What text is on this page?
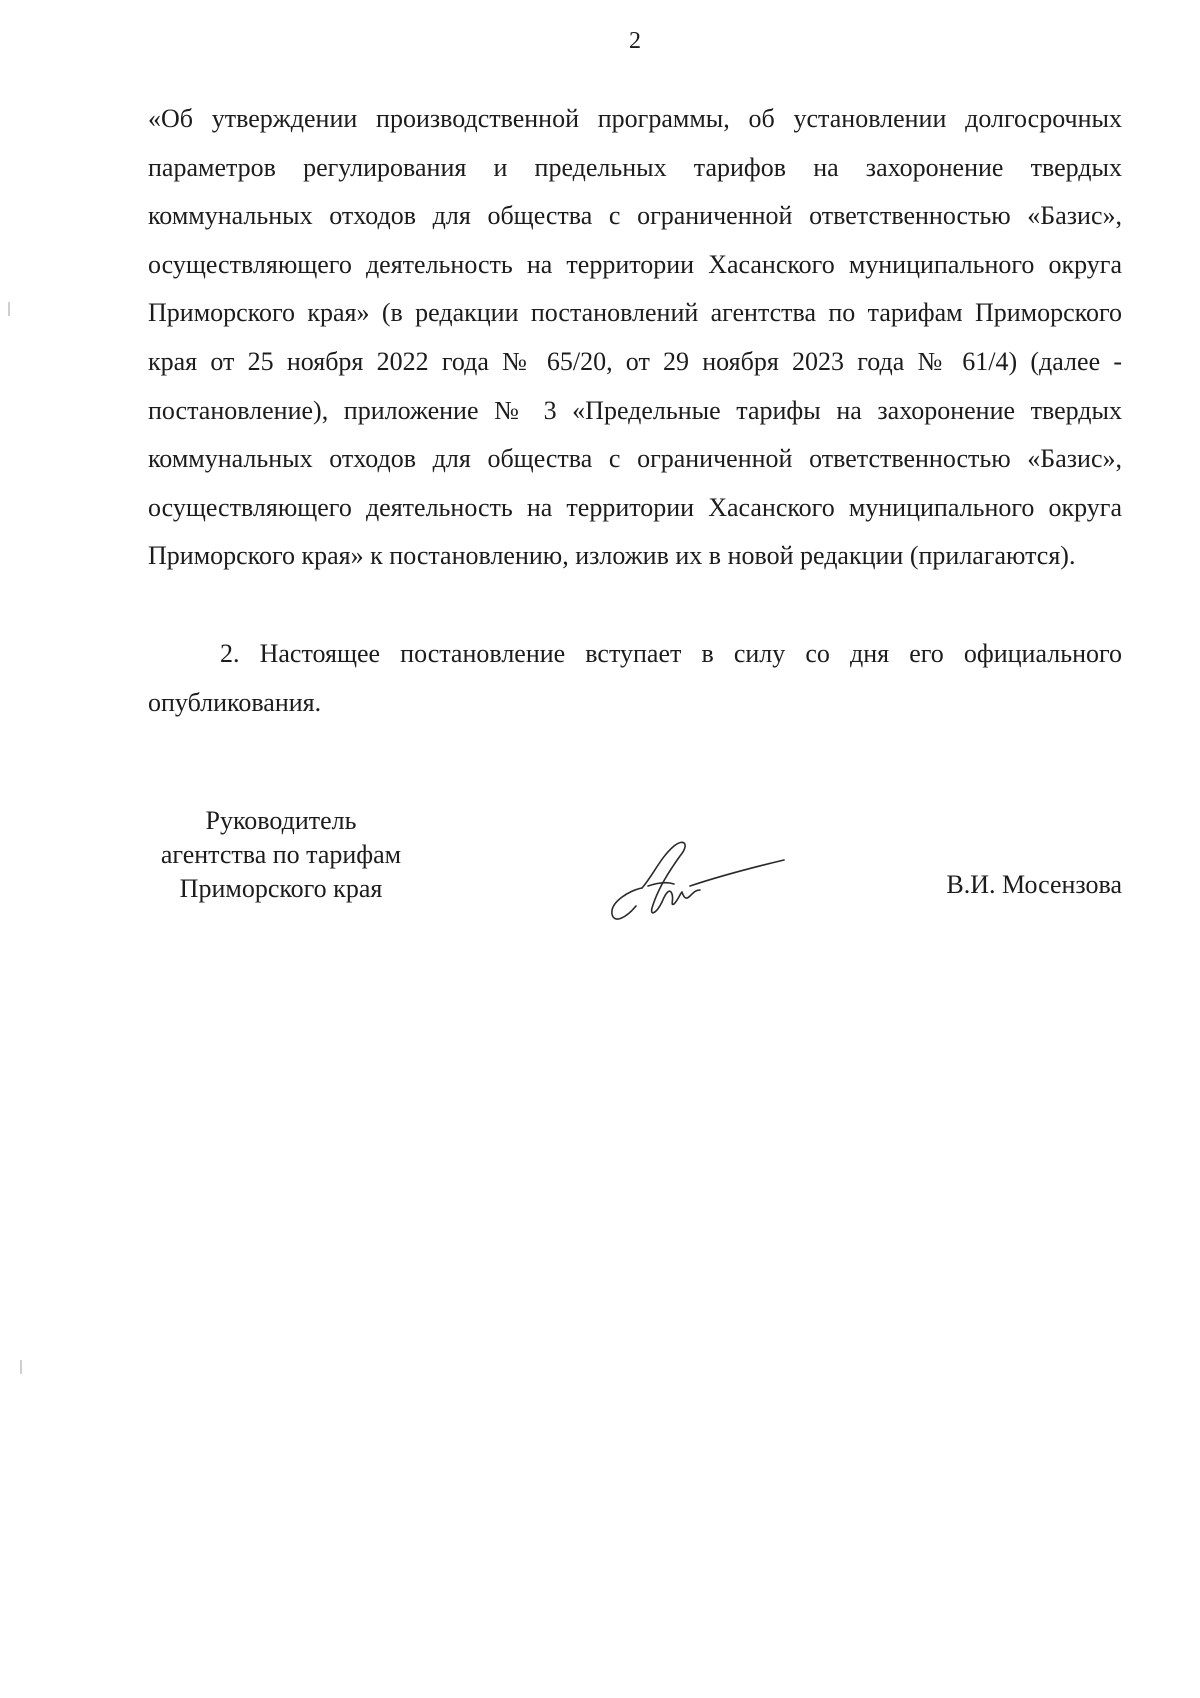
2

«Об утверждении производственной программы, об установлении долгосрочных параметров регулирования и предельных тарифов на захоронение твердых коммунальных отходов для общества с ограниченной ответственностью «Базис», осуществляющего деятельность на территории Хасанского муниципального округа Приморского края» (в редакции постановлений агентства по тарифам Приморского края от 25 ноября 2022 года № 65/20, от 29 ноября 2023 года № 61/4) (далее - постановление), приложение № 3 «Предельные тарифы на захоронение твердых коммунальных отходов для общества с ограниченной ответственностью «Базис», осуществляющего деятельность на территории Хасанского муниципального округа Приморского края» к постановлению, изложив их в новой редакции (прилагаются).

2. Настоящее постановление вступает в силу со дня его официального опубликования.

Руководитель
агентства по тарифам
Приморского края	В.И. Мосензова
